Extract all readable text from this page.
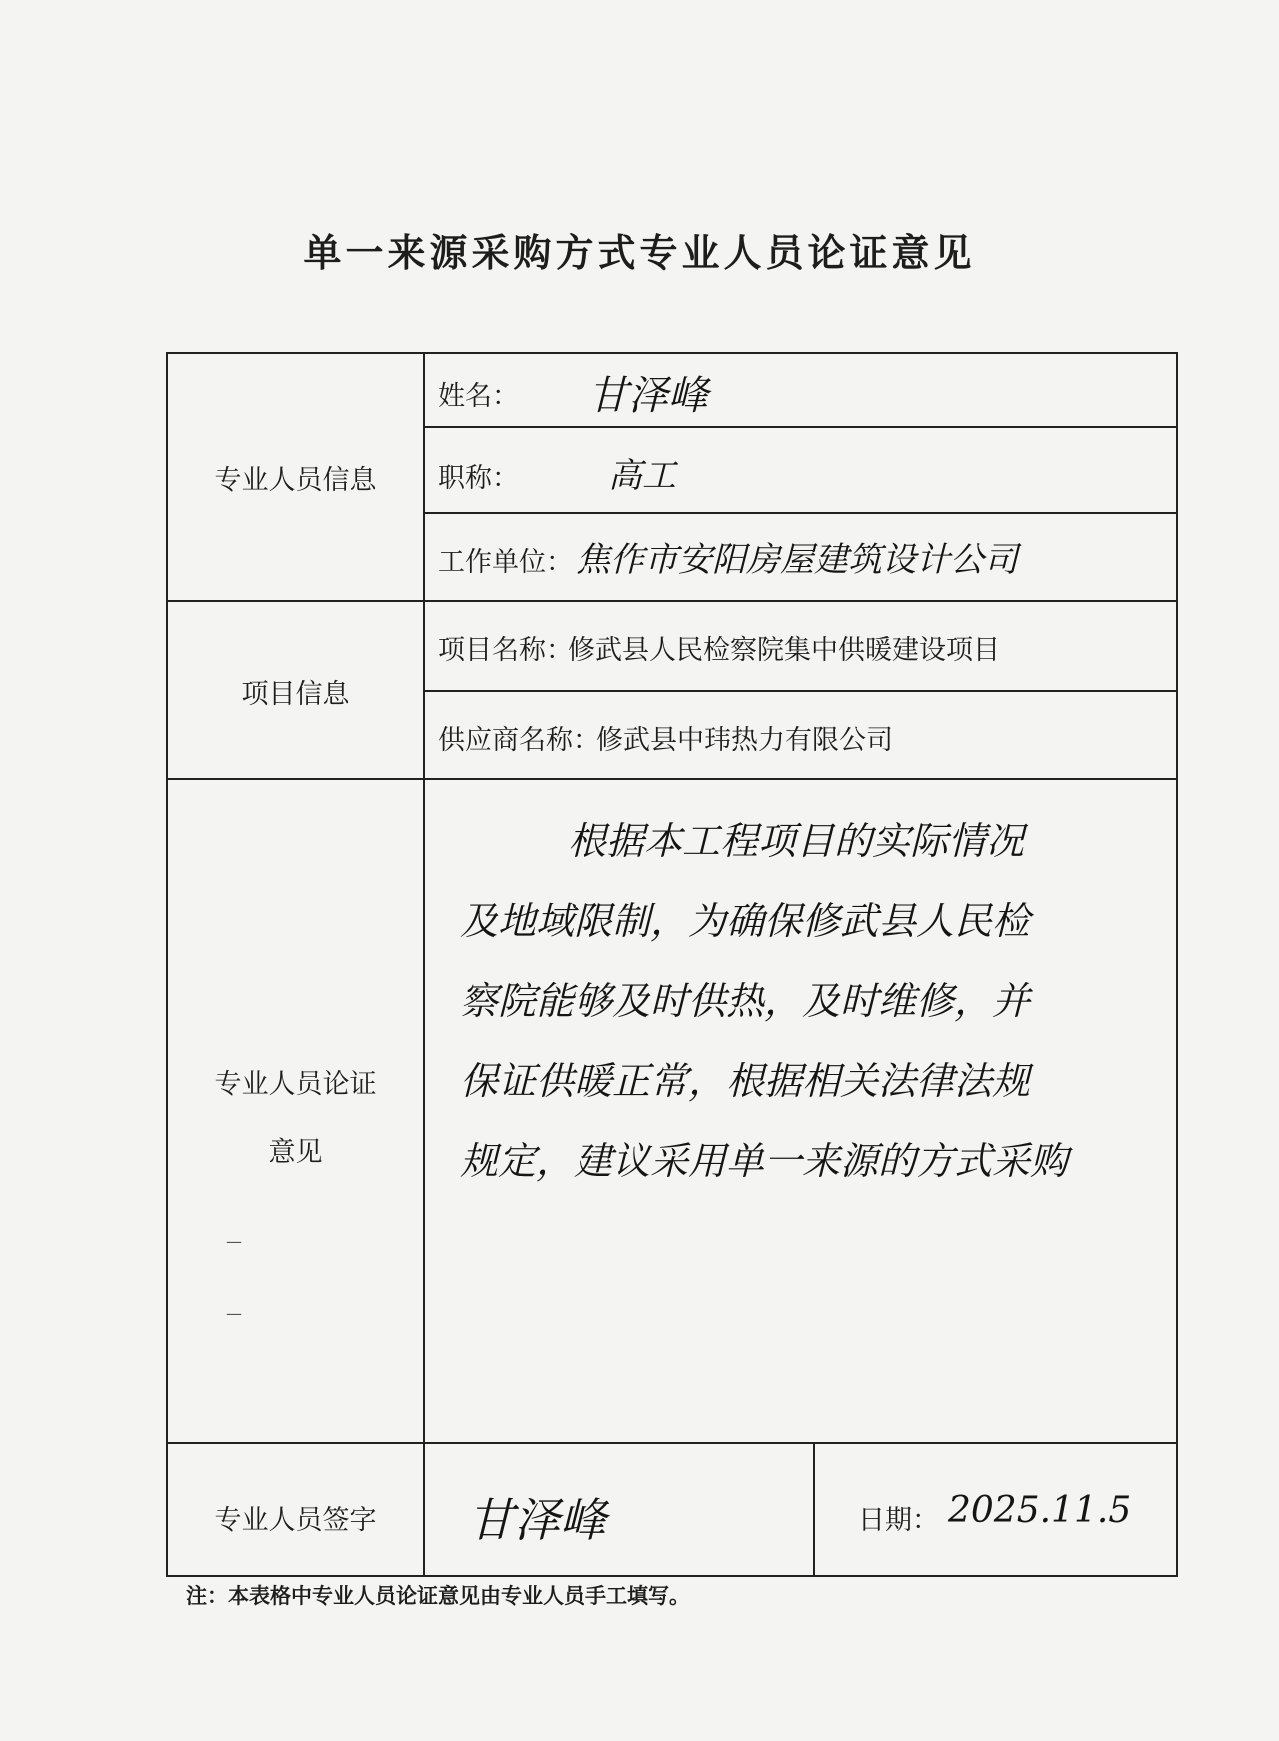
单一来源采购方式专业人员论证意见
专业人员信息
姓名： 甘泽峰
职称：	高工
工作单位： 焦作市安阳房屋建筑设计公司
项目信息
项目名称：
修武县人民检察院集中供暖建设项目
供应商名称：
修武县中玮热力有限公司
专业人员论证
意见
—
—
根据本工程项目的实际情况
及地域限制，为确保修武县人民检
察院能够及时供热，及时维修，并
保证供暖正常，根据相关法律法规
规定，建议采用单一来源的方式采购
专业人员签字	甘泽峰	日期： 2025.11.5
注：本表格中专业人员论证意见由专业人员手工填写。
